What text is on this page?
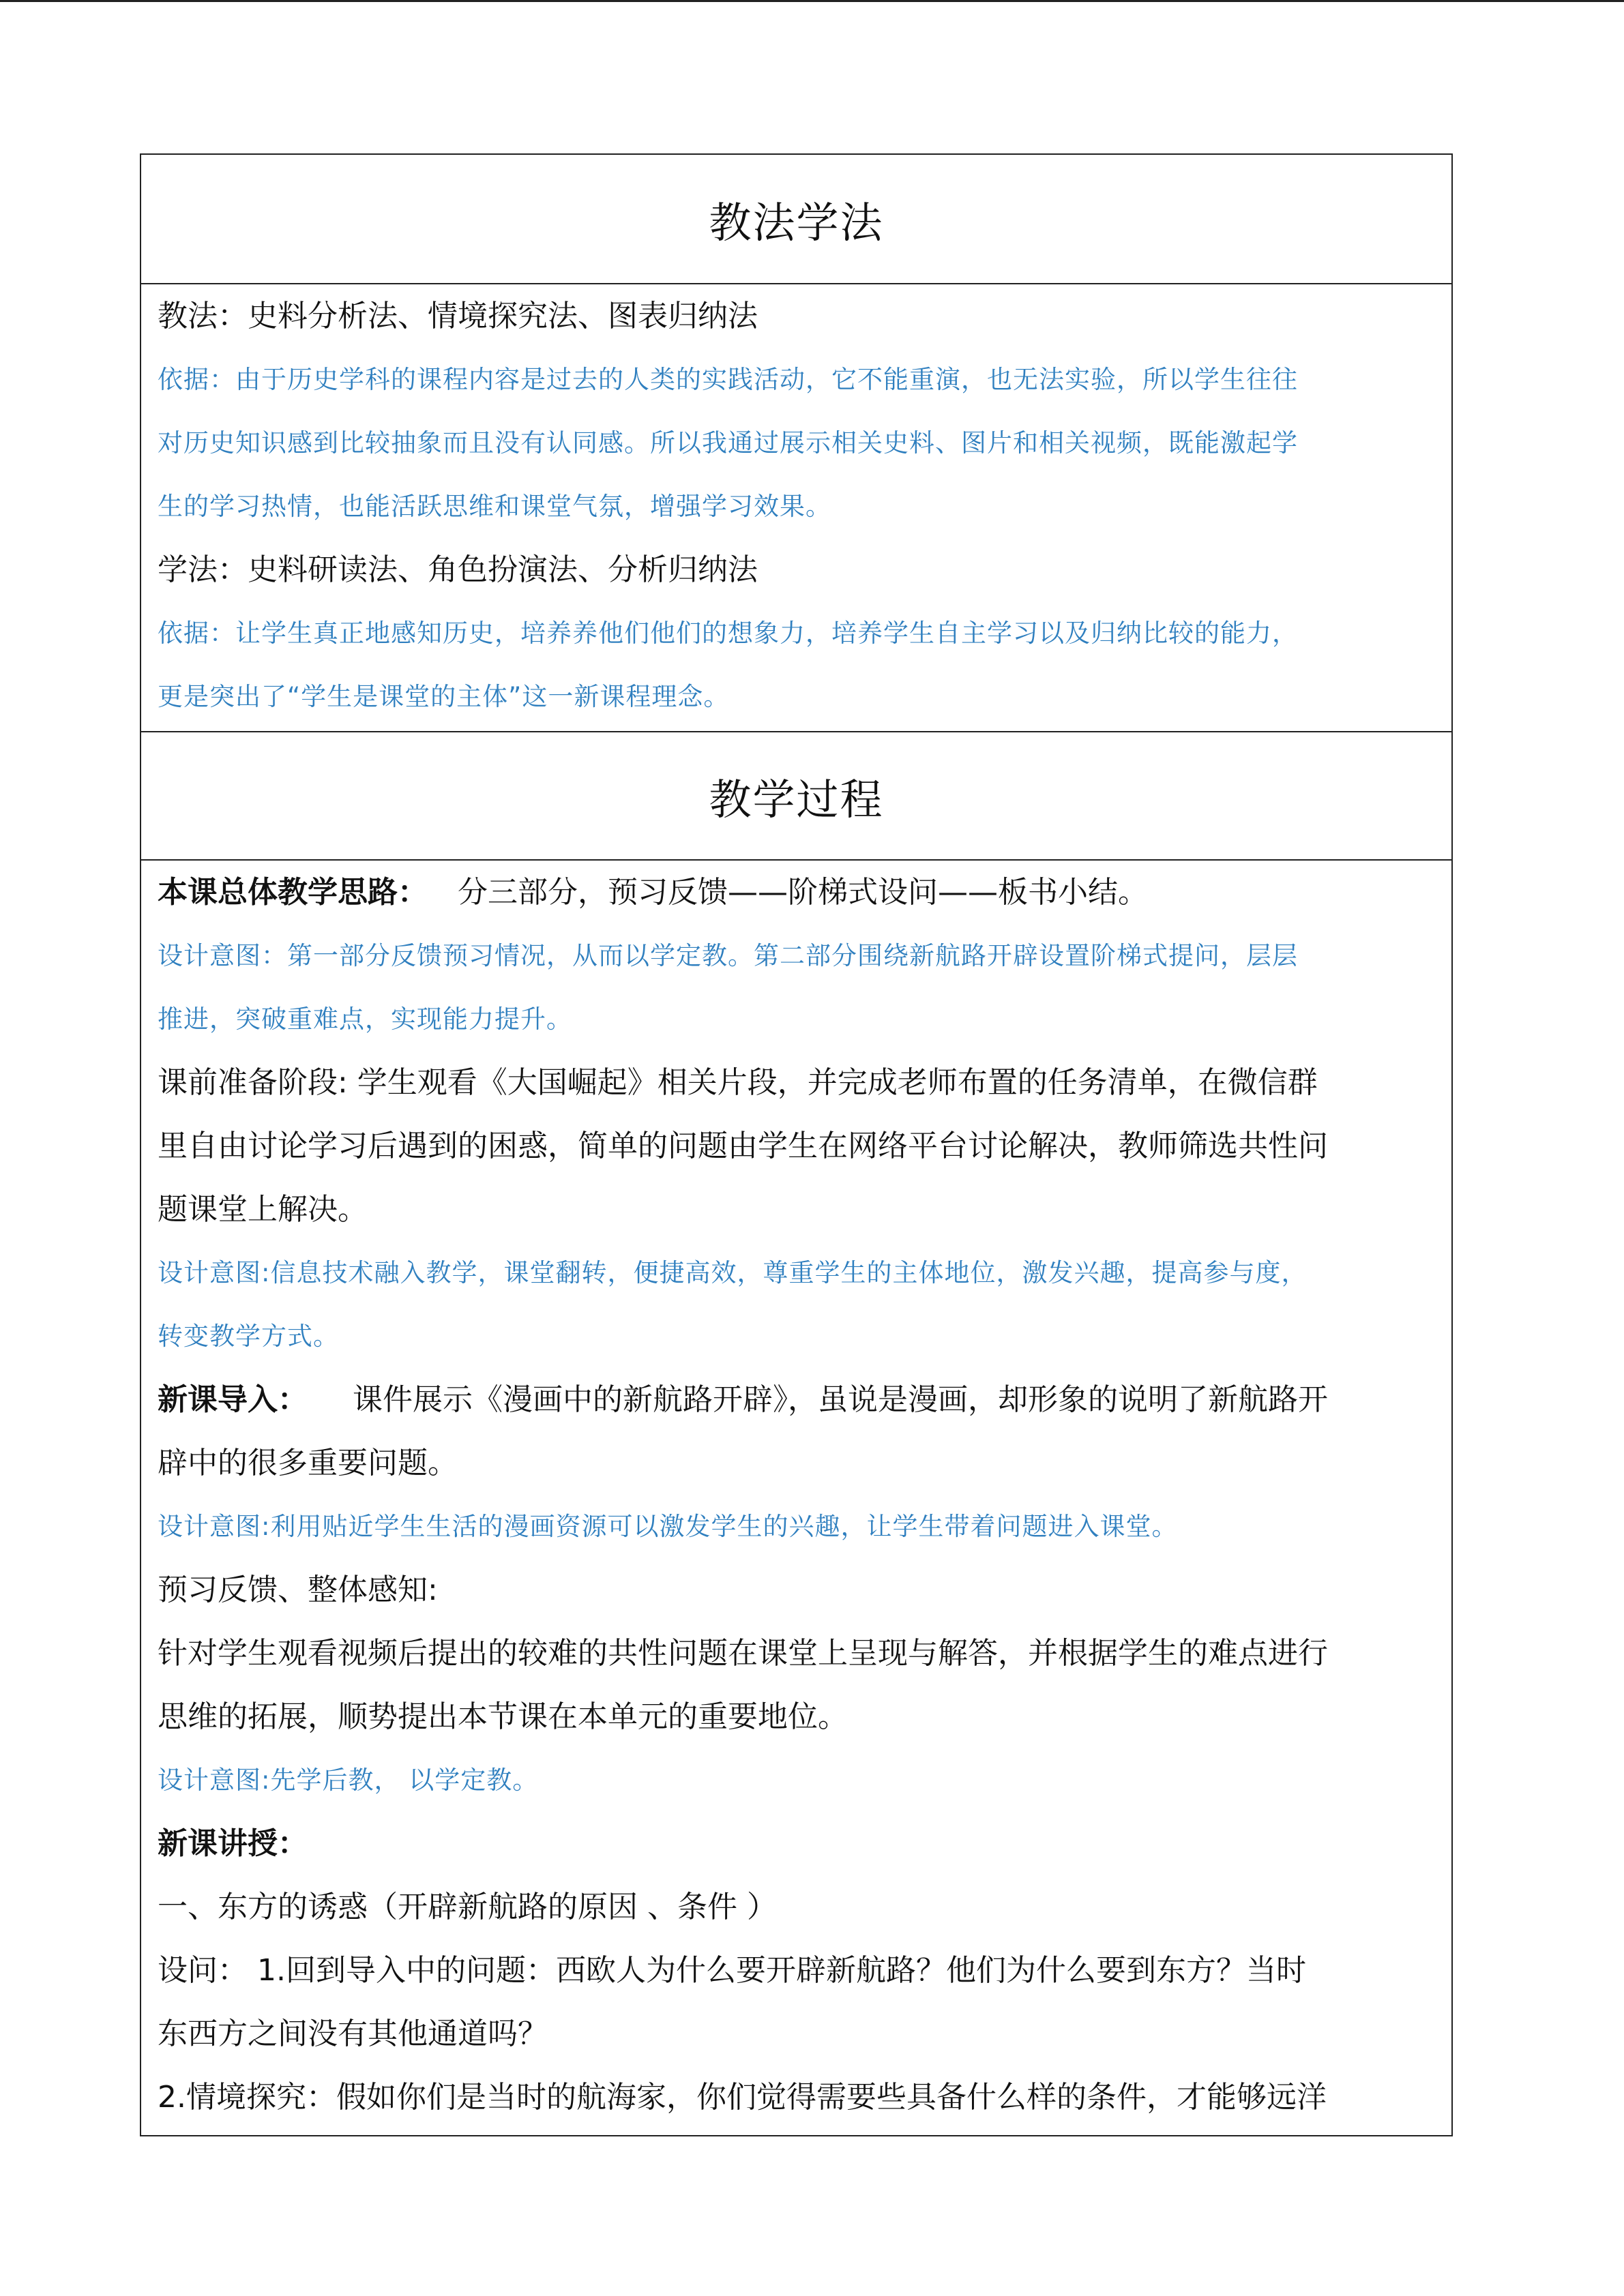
教法学法
教法：史料分析法、情境探究法、图表归纳法
依据：由于历史学科的课程内容是过去的人类的实践活动，它不能重演，也无法实验，所以学生往往
对历史知识感到比较抽象而且没有认同感。所以我通过展示相关史料、图片和相关视频，既能激起学
生的学习热情，也能活跃思维和课堂气氛，增强学习效果。
学法：史料研读法、角色扮演法、分析归纳法
依据：让学生真正地感知历史，培养养他们他们的想象力，培养学生自主学习以及归纳比较的能力，
更是突出了“学生是课堂的主体”这一新课程理念。
教学过程
本课总体教学思路： 分三部分，预习反馈——阶梯式设问——板书小结。
设计意图：第一部分反馈预习情况，从而以学定教。第二部分围绕新航路开辟设置阶梯式提问，层层
推进，突破重难点，实现能力提升。
课前准备阶段: 学生观看《大国崛起》相关片段，并完成老师布置的任务清单，在微信群
里自由讨论学习后遇到的困惑，简单的问题由学生在网络平台讨论解决，教师筛选共性问
题课堂上解决。
设计意图:信息技术融入教学，课堂翻转，便捷高效，尊重学生的主体地位，激发兴趣，提高参与度，
转变教学方式。
新课导入： 课件展示《漫画中的新航路开辟》，虽说是漫画，却形象的说明了新航路开
辟中的很多重要问题。
设计意图:利用贴近学生生活的漫画资源可以激发学生的兴趣，让学生带着问题进入课堂。
预习反馈、整体感知:
针对学生观看视频后提出的较难的共性问题在课堂上呈现与解答，并根据学生的难点进行
思维的拓展，顺势提出本节课在本单元的重要地位。
设计意图:先学后教， 以学定教。
新课讲授：
一、东方的诱惑（开辟新航路的原因 、条件 ）
设问： 1.回到导入中的问题：西欧人为什么要开辟新航路？他们为什么要到东方？当时
东西方之间没有其他通道吗？
2.情境探究：假如你们是当时的航海家，你们觉得需要些具备什么样的条件，才能够远洋
